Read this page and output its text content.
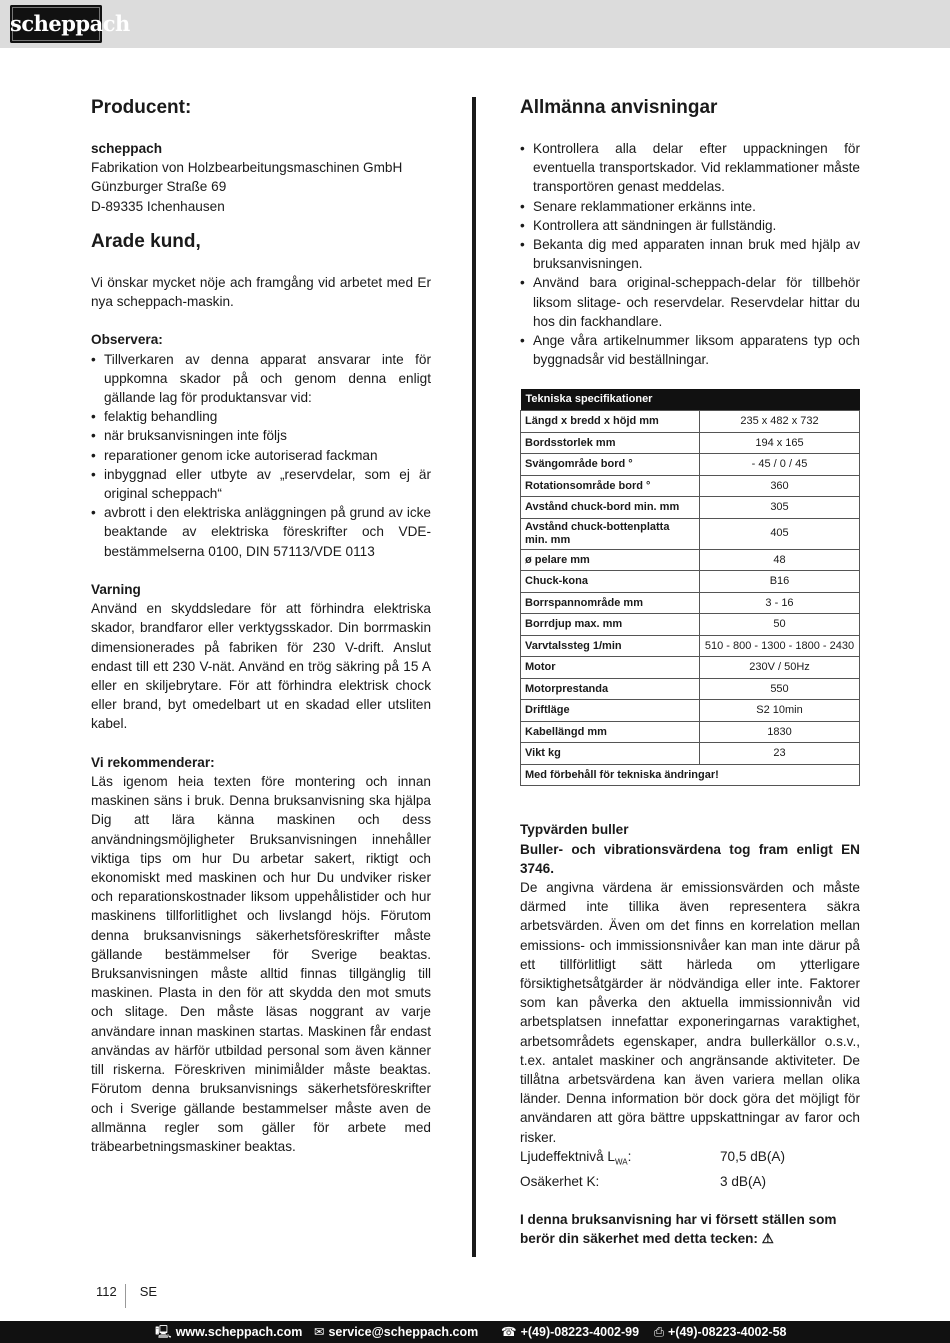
scheppach
Producent:
scheppach
Fabrikation von Holzbearbeitungsmaschinen GmbH
Günzburger Straße 69
D-89335 Ichenhausen
Arade kund,
Vi önskar mycket nöje ach framgång vid arbetet med Er nya scheppach-maskin.
Observera:
• Tillverkaren av denna apparat ansvarar inte för uppkomna skador på och genom denna enligt gällande lag för produktansvar vid:
• felaktig behandling
• när bruksanvisningen inte följs
• reparationer genom icke autoriserad fackman
• inbyggnad eller utbyte av „reservdelar, som ej är original scheppach“
• avbrott i den elektriska anläggningen på grund av icke beaktande av elektriska föreskrifter och VDE-bestämmelserna 0100, DIN 57113/VDE 0113
Varning
Använd en skyddsledare för att förhindra elektriska skador, brandfaror eller verktygsskador. Din borrmaskin dimensionerades på fabriken för 230 V-drift. Anslut endast till ett 230 V-nät. Använd en trög säkring på 15 A eller en skiljebrytare. För att förhindra elektrisk chock eller brand, byt omedelbart ut en skadad eller utsliten kabel.
Vi rekommenderar:
Läs igenom heia texten före montering och innan maskinen säns i bruk. Denna bruksanvisning ska hjälpa Dig att lära känna maskinen och dess användningsmöjligheter Bruksanvisningen innehåller viktiga tips om hur Du arbetar sakert, riktigt och ekonomiskt med maskinen och hur Du undviker risker och reparationskostnader liksom uppehålistider och hur maskinens tillforlitlighet och livslangd höjs. Förutom denna bruksanvisnings säkerhetsföreskrifter måste gällande bestämmelser för Sverige beaktas. Bruksanvisningen måste alltid finnas tillgänglig till maskinen. Plasta in den för att skydda den mot smuts och slitage. Den måste läsas noggrant av varje användare innan maskinen startas. Maskinen får endast användas av härför utbildad personal som även känner till riskerna. Föreskriven minimiålder måste beaktas. Förutom denna bruksanvisnings säkerhetsföreskrifter och i Sverige gällande bestammelser måste aven de allmänna regler som gäller för arbete med träbearbetningsmaskiner beaktas.
Allmänna anvisningar
• Kontrollera alla delar efter uppackningen för eventuella transportskador. Vid reklammationer måste transportören genast meddelas.
• Senare reklammationer erkänns inte.
• Kontrollera att sändningen är fullständig.
• Bekanta dig med apparaten innan bruk med hjälp av bruksanvisningen.
• Använd bara original-scheppach-delar för tillbehör liksom slitage- och reservdelar. Reservdelar hittar du hos din fackhandlare.
• Ange våra artikelnummer liksom apparatens typ och byggnadsår vid beställningar.
Tekniska specifikationer	
Längd x bredd x höjd mm	235 x 482 x 732
Bordsstorlek mm	194 x 165
Svängområde bord °	- 45 / 0 / 45
Rotationsområde bord °	360
Avstånd chuck-bord min. mm	305
Avstånd chuck-bottenplatta min. mm	405
ø pelare mm	48
Chuck-kona	B16
Borrspannområde mm	3 - 16
Borrdjup max. mm	50
Varvtalssteg 1/min	510 - 800 - 1300 - 1800 - 2430
Motor	230V / 50Hz
Motorprestanda	550
Driftläge	S2 10min
Kabellängd mm	1830
Vikt kg	23
Med förbehåll för tekniska ändringar!	
Typvärden buller
Buller- och vibrationsvärdena tog fram enligt EN 3746.
De angivna värdena är emissionsvärden och måste därmed inte tillika även representera säkra arbetsvärden. Även om det finns en korrelation mellan emissions- och immissionsnivåer kan man inte därur på ett tillförlitligt sätt härleda om ytterligare försiktighetsåtgärder är nödvändiga eller inte. Faktorer som kan påverka den aktuella immissionnivån vid arbetsplatsen innefattar exponeringarnas varaktighet, arbetsområdets egenskaper, andra bullerkällor o.s.v., t.ex. antalet maskiner och angränsande aktiviteter. De tillåtna arbetsvärdena kan även variera mellan olika länder. Denna information bör dock göra det möjligt för användaren att göra bättre uppskattningar av faror och risker.
Ljudeffektnivå $L_{WA}$:	70,5 dB(A)
Osäkerhet K:	3 dB(A)
I denna bruksanvisning har vi försett ställen som berör din säkerhet med detta tecken: ⚠
112	SE
🖳 www.scheppach.com ✉ service@scheppach.com ☎ +(49)-08223-4002-99 ⎙ +(49)-08223-4002-58
